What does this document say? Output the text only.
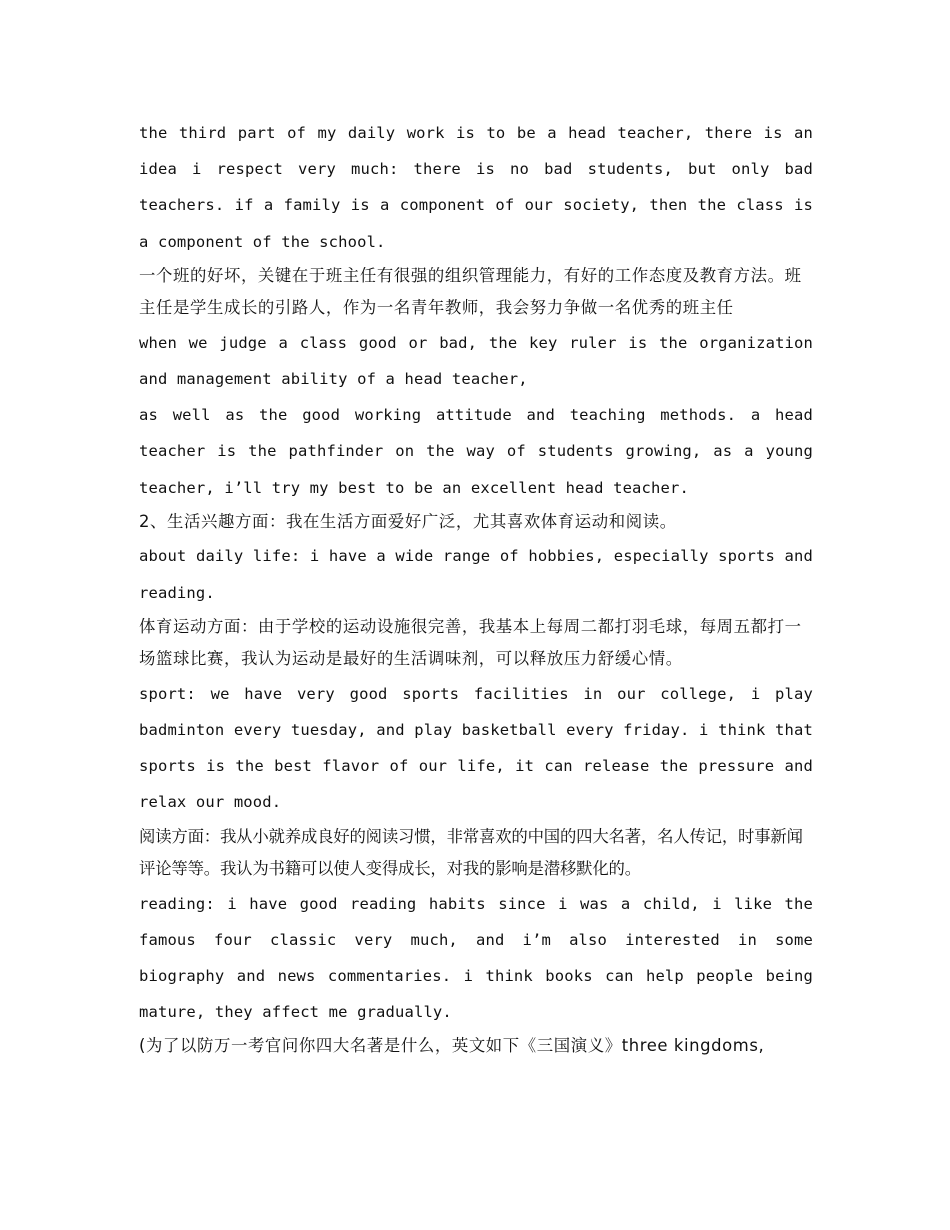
the third part of my daily work is to be a head teacher, there is an idea i respect very much: there is no bad students, but only bad teachers. if a family is a component of our society, then the class is a component of the school.

一个班的好坏，关键在于班主任有很强的组织管理能力，有好的工作态度及教育方法。班主任是学生成长的引路人，作为一名青年教师，我会努力争做一名优秀的班主任

when we judge a class good or bad, the key ruler is the organization and management ability of a head teacher,

as well as the good working attitude and teaching methods. a head teacher is the pathfinder on the way of students growing, as a young teacher, i’ll try my best to be an excellent head teacher.

2、生活兴趣方面：我在生活方面爱好广泛，尤其喜欢体育运动和阅读。

about daily life: i have a wide range of hobbies, especially sports and reading.

体育运动方面：由于学校的运动设施很完善，我基本上每周二都打羽毛球，每周五都打一场篮球比赛，我认为运动是最好的生活调味剂，可以释放压力舒缓心情。

sport: we have very good sports facilities in our college, i play badminton every tuesday, and play basketball every friday. i think that sports is the best flavor of our life, it can release the pressure and relax our mood.

阅读方面：我从小就养成良好的阅读习惯，非常喜欢的中国的四大名著，名人传记，时事新闻评论等等。我认为书籍可以使人变得成长，对我的影响是潜移默化的。

reading: i have good reading habits since i was a child, i like the famous four classic very much, and i’m also interested in some biography and news commentaries. i think books can help people being mature, they affect me gradually.

(为了以防万一考官问你四大名著是什么，英文如下《三国演义》three kingdoms,
